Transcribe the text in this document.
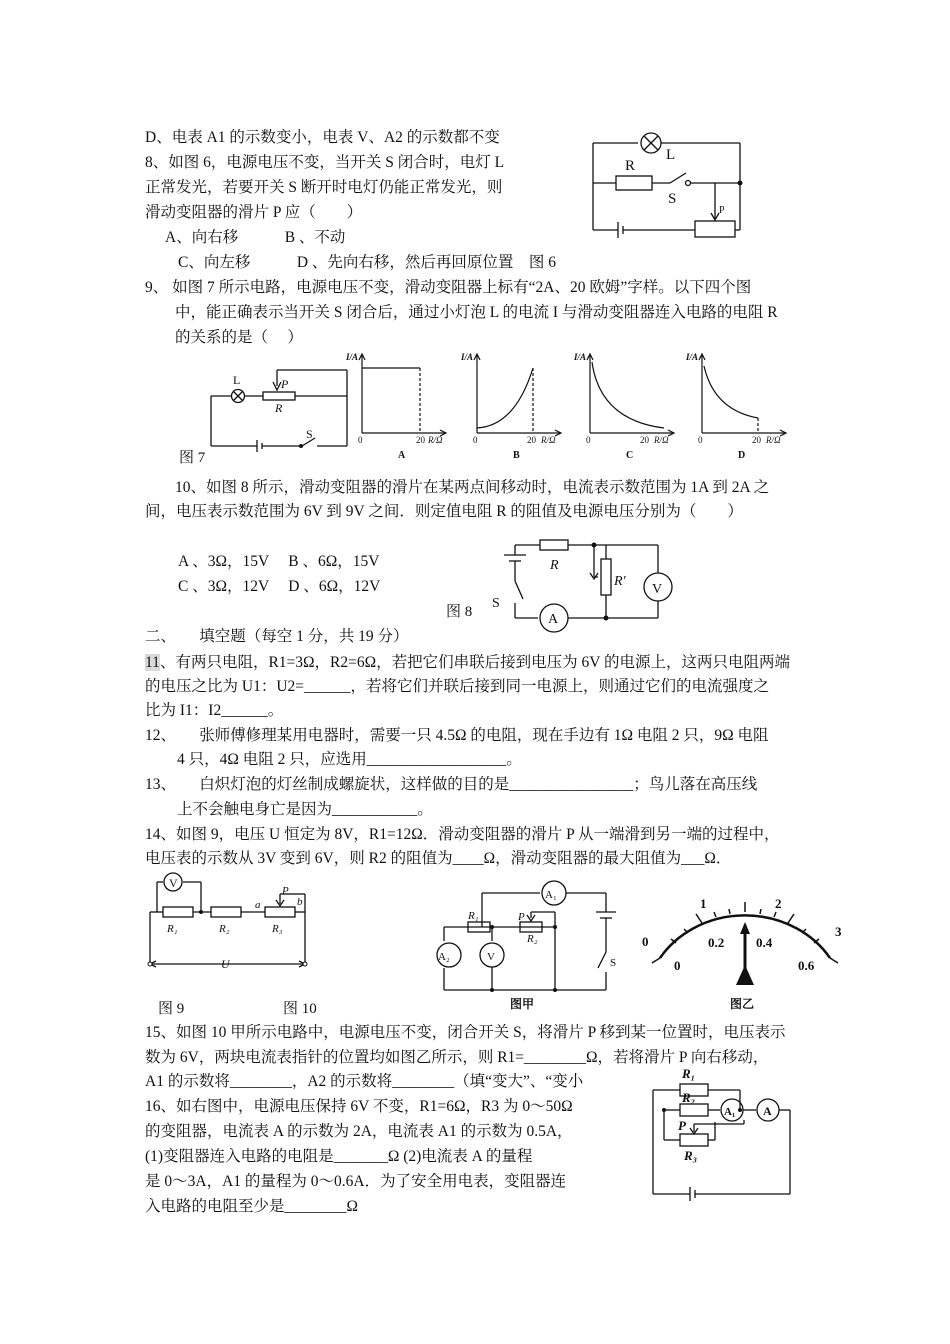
D、电表 A1 的示数变小，电表 V、A2 的示数都不变
8、如图 6，电源电压不变，当开关 S 闭合时，电灯 L
正常发光，若要开关 S 断开时电灯仍能正常发光，则
滑动变阻器的滑片 P 应（　　）
A、向右移　　　B 、不动
C、向左移　　　D 、先向右移，然后再回原位置　图 6
9、 如图 7 所示电路，电源电压不变，滑动变阻器上标有“2A、20 欧姆”字样。以下四个图
中，能正确表示当开关 S 闭合后，通过小灯泡 L 的电流 I 与滑动变阻器连入电路的电阻 R
的关系的是（　 ）
10、如图 8 所示，滑动变阻器的滑片在某两点间移动时，电流表示数范围为 1A 到 2A 之
间，电压表示数范围为 6V 到 9V 之间．则定值电阻 R 的阻值及电源电压分别为（　　）
A 、3Ω，15V　 B 、6Ω，15V
C 、3Ω，12V　 D 、6Ω，12V
二、　　填空题（每空 1 分，共 19 分）
11、有两只电阻，R1=3Ω，R2=6Ω，若把它们串联后接到电压为 6V 的电源上，这两只电阻两端
的电压之比为 U1：U2=______，若将它们并联后接到同一电源上，则通过它们的电流强度之
比为 I1：I2______。
12、　　张师傅修理某用电器时，需要一只 4.5Ω 的电阻，现在手边有 1Ω 电阻 2 只，9Ω 电阻
4 只，4Ω 电阻 2 只，应选用__________________。
13、　　白炽灯泡的灯丝制成螺旋状，这样做的目的是________________；鸟儿落在高压线
上不会触电身亡是因为___________。
14、如图 9，电压 U 恒定为 8V，R1=12Ω．滑动变阻器的滑片 P 从一端滑到另一端的过程中，
电压表的示数从 3V 变到 6V，则 R2 的阻值为____Ω，滑动变阻器的最大阻值为___Ω．
15、如图 10 甲所示电路中，电源电压不变，闭合开关 S，将滑片 P 移到某一位置时，电压表示
数为 6V，两块电流表指针的位置均如图乙所示，则 R1=________Ω，若将滑片 P 向右移动，
A1 的示数将________，A2 的示数将________（填“变大”、“变小
16、如右图中，电源电压保持 6V 不变，R1=6Ω，R3 为 0～50Ω
的变阻器，电流表 A 的示数为 2A，电流表 A1 的示数为 0.5A，
(1)变阻器连入电路的电阻是_______Ω (2)电流表 A 的量程
是 0～3A，A1 的量程为 0～0.6A．为了安全用电表，变阻器连
入电路的电阻至少是________Ω
R
L
S
P
L	P
R
S
图 7
I/A
0	20 R/Ω
A
I/A
0	20 R/Ω
B
I/A
0	20 R/Ω
C
I/A
0	20 R/Ω
D
R
R′
V
A
S
图 8
V
R₁	R₂	R₃
P
a	b
U
图 9	图 10
A₁
A₂	V
R₁
R₂
P
S
图甲
0
1	2
3
0
0.2 0.4
0.6
图乙
R₁
R₂
R₃
P
A₁ A
